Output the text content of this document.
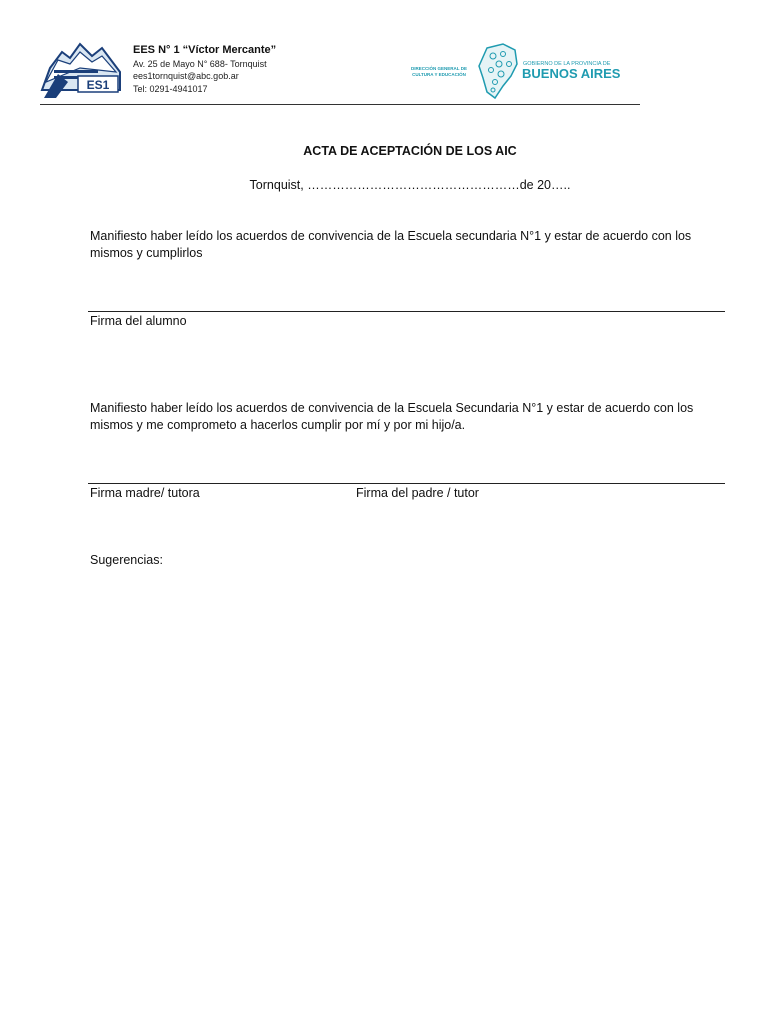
ES1
EES N° 1 “Víctor Mercante”
Av. 25 de Mayo N° 688- Tornquist
ees1tornquist@abc.gob.ar
Tel: 0291-4941017
DIRECCIÓN GENERAL DE
CULTURA Y EDUCACIÓN
GOBIERNO DE LA PROVINCIA DE
BUENOS AIRES
ACTA DE ACEPTACIÓN DE LOS AIC
Tornquist, ……………………………………………de 20…..
Manifiesto haber leído los acuerdos de convivencia de la Escuela secundaria N°1 y estar de acuerdo con los mismos y cumplirlos
Firma del alumno
Manifiesto haber leído los acuerdos de convivencia de la Escuela Secundaria N°1 y estar de acuerdo con los mismos y me comprometo a hacerlos cumplir por mí y por mi hijo/a.
Firma madre/ tutora	Firma del padre / tutor
Sugerencias:
